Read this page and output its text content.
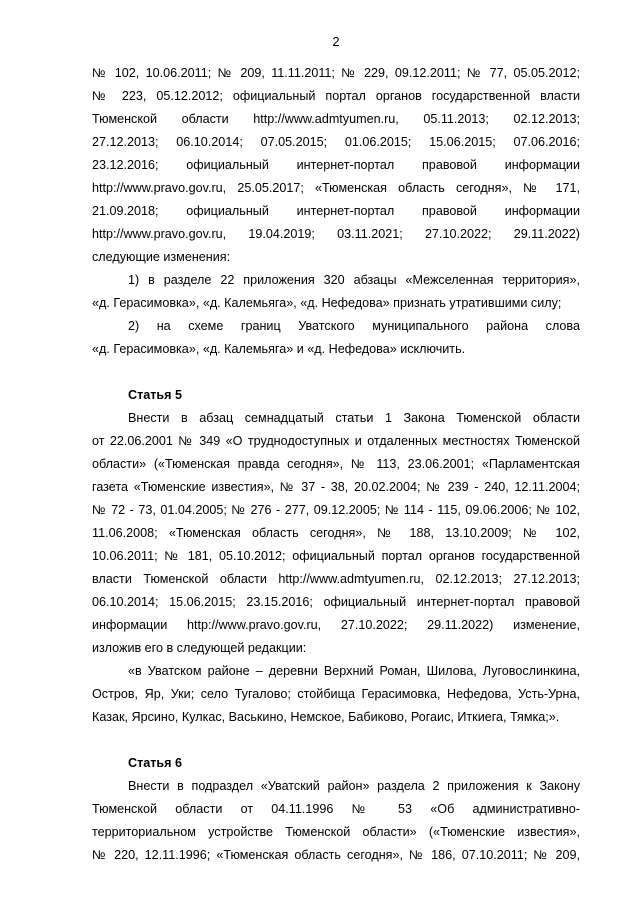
2
№ 102, 10.06.2011; № 209, 11.11.2011; № 229, 09.12.2011; № 77, 05.05.2012;
№ 223, 05.12.2012; официальный портал органов государственной власти
Тюменской области http://www.admtyumen.ru, 05.11.2013; 02.12.2013;
27.12.2013; 06.10.2014; 07.05.2015; 01.06.2015; 15.06.2015; 07.06.2016;
23.12.2016; официальный интернет-портал правовой информации
http://www.pravo.gov.ru, 25.05.2017; «Тюменская область сегодня», № 171,
21.09.2018; официальный интернет-портал правовой информации
http://www.pravo.gov.ru, 19.04.2019; 03.11.2021; 27.10.2022; 29.11.2022)
следующие изменения:
1) в разделе 22 приложения 320 абзацы «Межселенная территория»,
«д. Герасимовка», «д. Калемьяга», «д. Нефедова» признать утратившими силу;
2) на схеме границ Уватского муниципального района слова
«д. Герасимовка», «д. Калемьяга» и «д. Нефедова» исключить.
Статья 5
Внести в абзац семнадцатый статьи 1 Закона Тюменской области
от 22.06.2001 № 349 «О труднодоступных и отдаленных местностях Тюменской
области» («Тюменская правда сегодня», № 113, 23.06.2001; «Парламентская
газета «Тюменские известия», № 37 - 38, 20.02.2004; № 239 - 240, 12.11.2004;
№ 72 - 73, 01.04.2005; № 276 - 277, 09.12.2005; № 114 - 115, 09.06.2006; № 102,
11.06.2008; «Тюменская область сегодня», № 188, 13.10.2009; № 102,
10.06.2011; № 181, 05.10.2012; официальный портал органов государственной
власти Тюменской области http://www.admtyumen.ru, 02.12.2013; 27.12.2013;
06.10.2014; 15.06.2015; 23.15.2016; официальный интернет-портал правовой
информации http://www.pravo.gov.ru, 27.10.2022; 29.11.2022) изменение,
изложив его в следующей редакции:
«в Уватском районе – деревни Верхний Роман, Шилова, Луговослинкина,
Остров, Яр, Уки; село Тугалово; стойбища Герасимовка, Нефедова, Усть-Урна,
Казак, Ярсино, Кулкас, Васькино, Немское, Бабиково, Рогаис, Иткиега, Тямка;».
Статья 6
Внести в подраздел «Уватский район» раздела 2 приложения к Закону
Тюменской области от 04.11.1996 № 53 «Об административно-
территориальном устройстве Тюменской области» («Тюменские известия»,
№ 220, 12.11.1996; «Тюменская область сегодня», № 186, 07.10.2011; № 209,
